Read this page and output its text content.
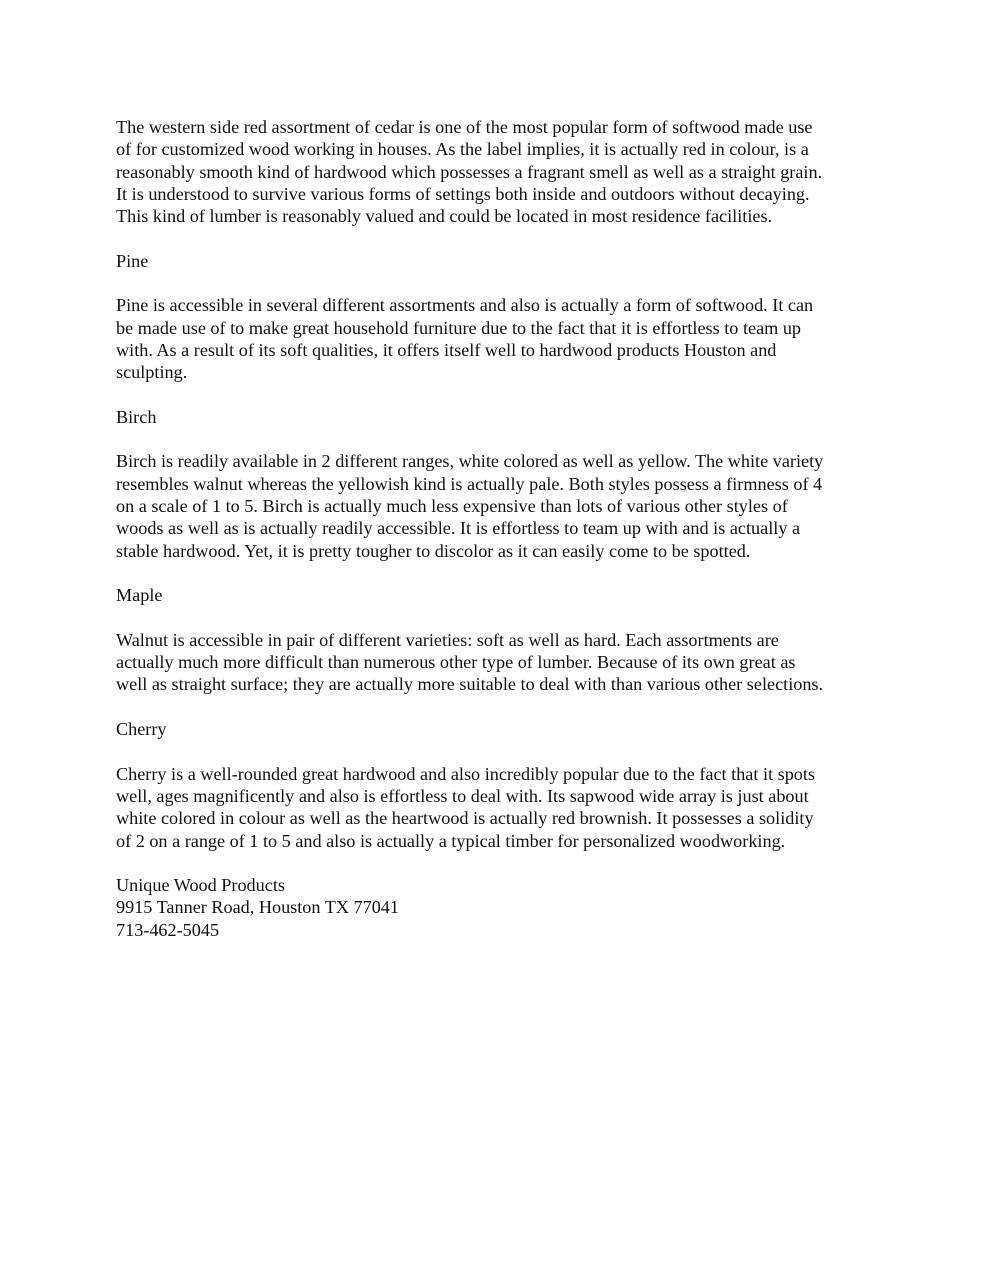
The western side red assortment of cedar is one of the most popular form of softwood made use
of for customized wood working in houses. As the label implies, it is actually red in colour, is a
reasonably smooth kind of hardwood which possesses a fragrant smell as well as a straight grain.
It is understood to survive various forms of settings both inside and outdoors without decaying.
This kind of lumber is reasonably valued and could be located in most residence facilities.

Pine

Pine is accessible in several different assortments and also is actually a form of softwood. It can
be made use of to make great household furniture due to the fact that it is effortless to team up
with. As a result of its soft qualities, it offers itself well to hardwood products Houston and
sculpting.

Birch

Birch is readily available in 2 different ranges, white colored as well as yellow. The white variety
resembles walnut whereas the yellowish kind is actually pale. Both styles possess a firmness of 4
on a scale of 1 to 5. Birch is actually much less expensive than lots of various other styles of
woods as well as is actually readily accessible. It is effortless to team up with and is actually a
stable hardwood. Yet, it is pretty tougher to discolor as it can easily come to be spotted.

Maple

Walnut is accessible in pair of different varieties: soft as well as hard. Each assortments are
actually much more difficult than numerous other type of lumber. Because of its own great as
well as straight surface; they are actually more suitable to deal with than various other selections.

Cherry

Cherry is a well-rounded great hardwood and also incredibly popular due to the fact that it spots
well, ages magnificently and also is effortless to deal with. Its sapwood wide array is just about
white colored in colour as well as the heartwood is actually red brownish. It possesses a solidity
of 2 on a range of 1 to 5 and also is actually a typical timber for personalized woodworking.

Unique Wood Products
9915 Tanner Road, Houston TX 77041
713-462-5045
